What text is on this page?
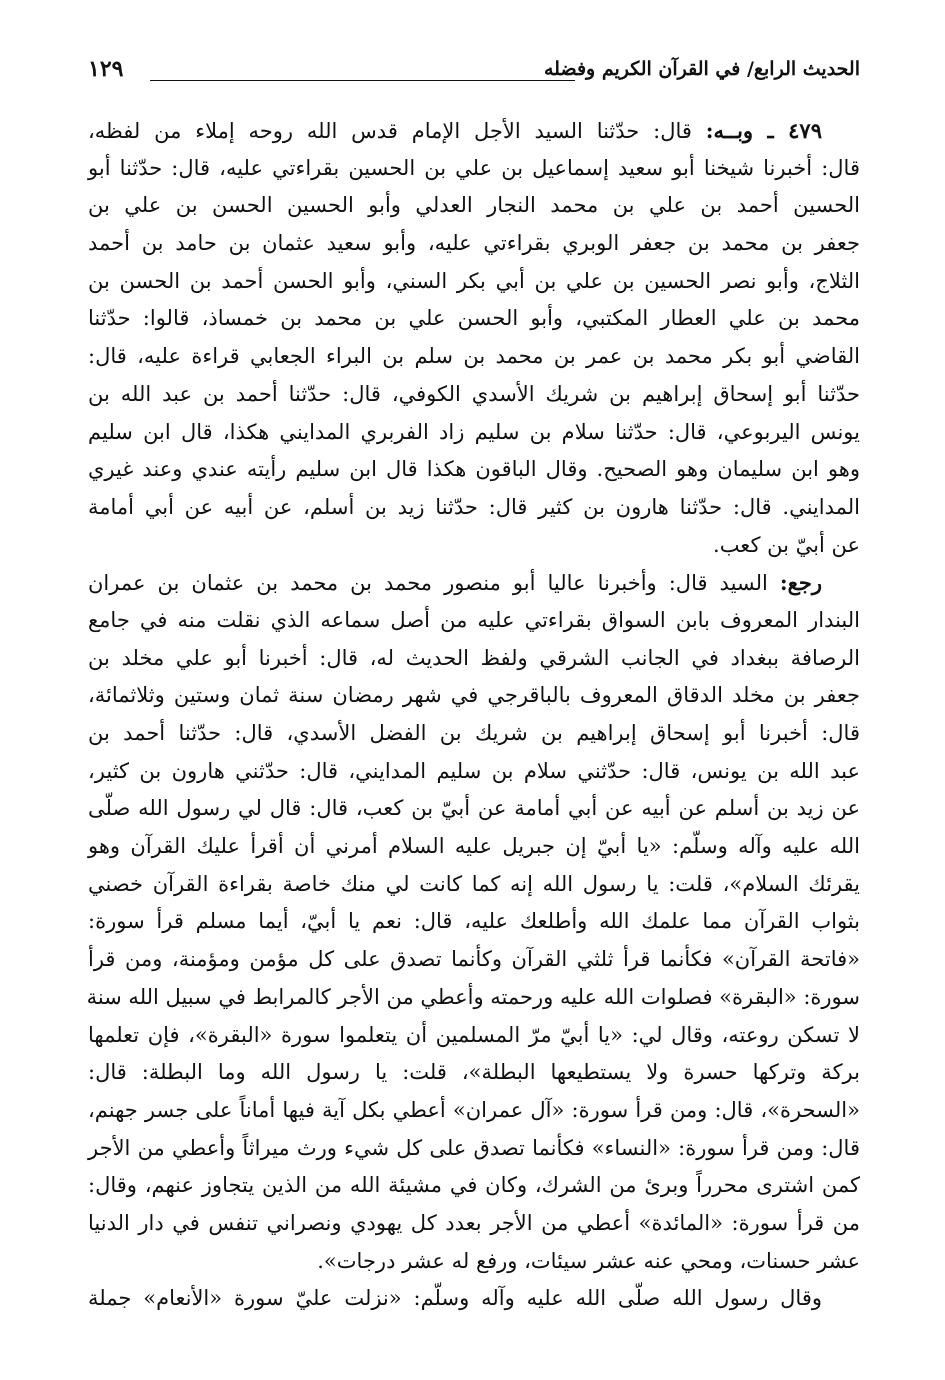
الحديث الرابع/ في القرآن الكريم وفضله
١٢٩
٤٧٩ ـ وبــه: قال: حدّثنا السيد الأجل الإمام قدس الله روحه إملاء من لفظه،
قال: أخبرنا شيخنا أبو سعيد إسماعيل بن علي بن الحسين بقراءتي عليه، قال: حدّثنا أبو
الحسين أحمد بن علي بن محمد النجار العدلي وأبو الحسين الحسن بن علي بن
جعفر بن محمد بن جعفر الوبري بقراءتي عليه، وأبو سعيد عثمان بن حامد بن أحمد
الثلاج، وأبو نصر الحسين بن علي بن أبي بكر السني، وأبو الحسن أحمد بن الحسن بن
محمد بن علي العطار المكتبي، وأبو الحسن علي بن محمد بن خمساذ، قالوا: حدّثنا
القاضي أبو بكر محمد بن عمر بن محمد بن سلم بن البراء الجعابي قراءة عليه، قال:
حدّثنا أبو إسحاق إبراهيم بن شريك الأسدي الكوفي، قال: حدّثنا أحمد بن عبد الله بن
يونس اليربوعي، قال: حدّثنا سلام بن سليم زاد الفربري المدايني هكذا، قال ابن سليم
وهو ابن سليمان وهو الصحيح. وقال الباقون هكذا قال ابن سليم رأيته عندي وعند غيري
المدايني. قال: حدّثنا هارون بن كثير قال: حدّثنا زيد بن أسلم، عن أبيه عن أبي أمامة
عن أبيّ بن كعب.
رجع: السيد قال: وأخبرنا عاليا أبو منصور محمد بن محمد بن عثمان بن عمران
البندار المعروف بابن السواق بقراءتي عليه من أصل سماعه الذي نقلت منه في جامع
الرصافة ببغداد في الجانب الشرقي ولفظ الحديث له، قال: أخبرنا أبو علي مخلد بن
جعفر بن مخلد الدقاق المعروف بالباقرجي في شهر رمضان سنة ثمان وستين وثلاثمائة،
قال: أخبرنا أبو إسحاق إبراهيم بن شريك بن الفضل الأسدي، قال: حدّثنا أحمد بن
عبد الله بن يونس، قال: حدّثني سلام بن سليم المدايني، قال: حدّثني هارون بن كثير،
عن زيد بن أسلم عن أبيه عن أبي أمامة عن أبيّ بن كعب، قال: قال لي رسول الله صلّى
الله عليه وآله وسلّم: «يا أبيّ إن جبريل عليه السلام أمرني أن أقرأ عليك القرآن وهو
يقرئك السلام»، قلت: يا رسول الله إنه كما كانت لي منك خاصة بقراءة القرآن خصني
بثواب القرآن مما علمك الله وأطلعك عليه، قال: نعم يا أبيّ، أيما مسلم قرأ سورة:
«فاتحة القرآن» فكأنما قرأ ثلثي القرآن وكأنما تصدق على كل مؤمن ومؤمنة، ومن قرأ
سورة: «البقرة» فصلوات الله عليه ورحمته وأعطي من الأجر كالمرابط في سبيل الله سنة
لا تسكن روعته، وقال لي: «يا أبيّ مرّ المسلمين أن يتعلموا سورة «البقرة»، فإن تعلمها
بركة وتركها حسرة ولا يستطيعها البطلة»، قلت: يا رسول الله وما البطلة: قال:
«السحرة»، قال: ومن قرأ سورة: «آل عمران» أعطي بكل آية فيها أماناً على جسر جهنم،
قال: ومن قرأ سورة: «النساء» فكأنما تصدق على كل شيء ورث ميراثاً وأعطي من الأجر
كمن اشترى محرراً وبرئ من الشرك، وكان في مشيئة الله من الذين يتجاوز عنهم، وقال:
من قرأ سورة: «المائدة» أعطي من الأجر بعدد كل يهودي ونصراني تنفس في دار الدنيا
عشر حسنات، ومحي عنه عشر سيئات، ورفع له عشر درجات».
وقال رسول الله صلّى الله عليه وآله وسلّم: «نزلت عليّ سورة «الأنعام» جملة
